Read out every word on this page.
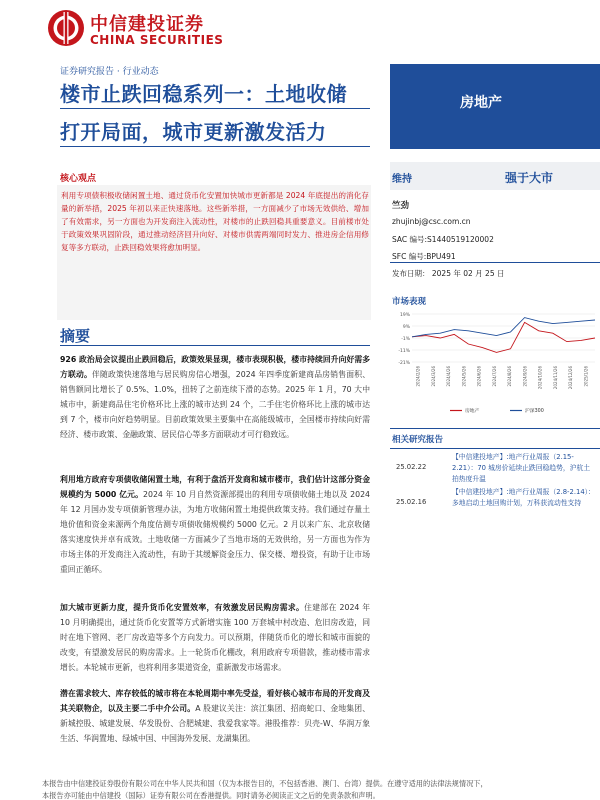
中信建投证券
CHINA SECURITIES
证券研究报告 · 行业动态
楼市止跌回稳系列一：土地收储
打开局面，城市更新激发活力
房地产
核心观点
利用专项债积极收储闲置土地、通过货币化安置加快城市更新都是 2024 年底提出的消化存量的新举措，2025 年初以来正快速落地。这些新举措，一方面减少了市场无效供给、增加了有效需求，另一方面也为开发商注入流动性，对楼市的止跌回稳具重要意义。目前楼市处于政策效果巩固阶段，通过推动经济回升向好、对楼市供需两端同时发力、推进房企信用修复等多方联动，止跌回稳效果将愈加明显。
摘要
926 政治局会议提出止跌回稳后，政策效果显现，楼市表现积极，楼市持续回升向好需多方联动。伴随政策快速落地与居民购房信心增强，2024 年四季度新建商品房销售面积、销售额同比增长了 0.5%、1.0%，扭转了之前连续下滑的态势。2025 年 1 月，70 大中城市中，新建商品住宅价格环比上涨的城市达到 24 个，二手住宅价格环比上涨的城市达到 7 个，楼市向好趋势明显。目前政策效果主要集中在高能级城市，全国楼市持续向好需经济、楼市政策、金融政策、居民信心等多方面联动才可行稳致远。
利用地方政府专项债收储闲置土地，有利于盘活开发商和城市楼市，我们估计这部分资金规模约为 5000 亿元。2024 年 10 月自然资源部提出的利用专项债收储土地以及 2024 年 12 月国办发专项债新管理办法，为地方收储闲置土地提供政策支持。我们通过存量土地价值和资金来源两个角度估测专项债收储规模约 5000 亿元。2 月以来广东、北京收储落实速度快并卓有成效。土地收储一方面减少了当地市场的无效供给，另一方面也为作为市场主体的开发商注入流动性，有助于其缓解资金压力、保交楼、增投资，有助于让市场重回正循环。
加大城市更新力度，提升货币化安置效率，有效激发居民购房需求。住建部在 2024 年 10 月明确提出，通过货币化安置等方式新增实施 100 万套城中村改造、危旧房改造，同时在地下管网、老厂房改造等多个方向发力。可以预期，伴随货币化的增长和城市面貌的改变，有望激发居民的购房需求。上一轮货币化棚改，利用政府专项借款，推动楼市需求增长。本轮城市更新，也将利用多渠道资金，重新激发市场需求。
潜在需求较大、库存较低的城市将在本轮周期中率先受益，看好核心城市布局的开发商及其关联物企，以及主要二手中介公司。A 股建议关注：滨江集团、招商蛇口、金地集团、新城控股、城建发展、华发股份、合肥城建、我爱我家等。港股推荐：贝壳-W、华润万象生活、华润置地、绿城中国、中国海外发展、龙湖集团。
维持	强于大市
竺劲
zhujinbj@csc.com.cn
SAC 编号:S1440519120002
SFC 编号:BPU491
发布日期： 2025 年 02 月 25 日
市场表现
19%
9%
-1%
-11%
-21%
2024/2/26	2024/3/26	2024/4/26	2024/5/26	2024/6/26	2024/7/26	2024/8/26	2024/9/26	2024/10/26	2024/11/26	2024/12/26	2025/1/26
房地产	沪深300
相关研究报告
25.02.22
【中信建投地产】:地产行业周报（2.15-2.21）：70 城房价延续止跌回稳趋势，沪杭土拍热度升温
25.02.16
【中信建投地产】:地产行业周报（2.8-2.14）：多地启动土地回购计划，万科获流动性支持
本报告由中信建投证券股份有限公司在中华人民共和国（仅为本报告目的，不包括香港、澳门、台湾）提供。在遵守适用的法律法规情况下，
本报告亦可能由中信建投（国际）证券有限公司在香港提供。同时请务必阅读正文之后的免责条款和声明。
